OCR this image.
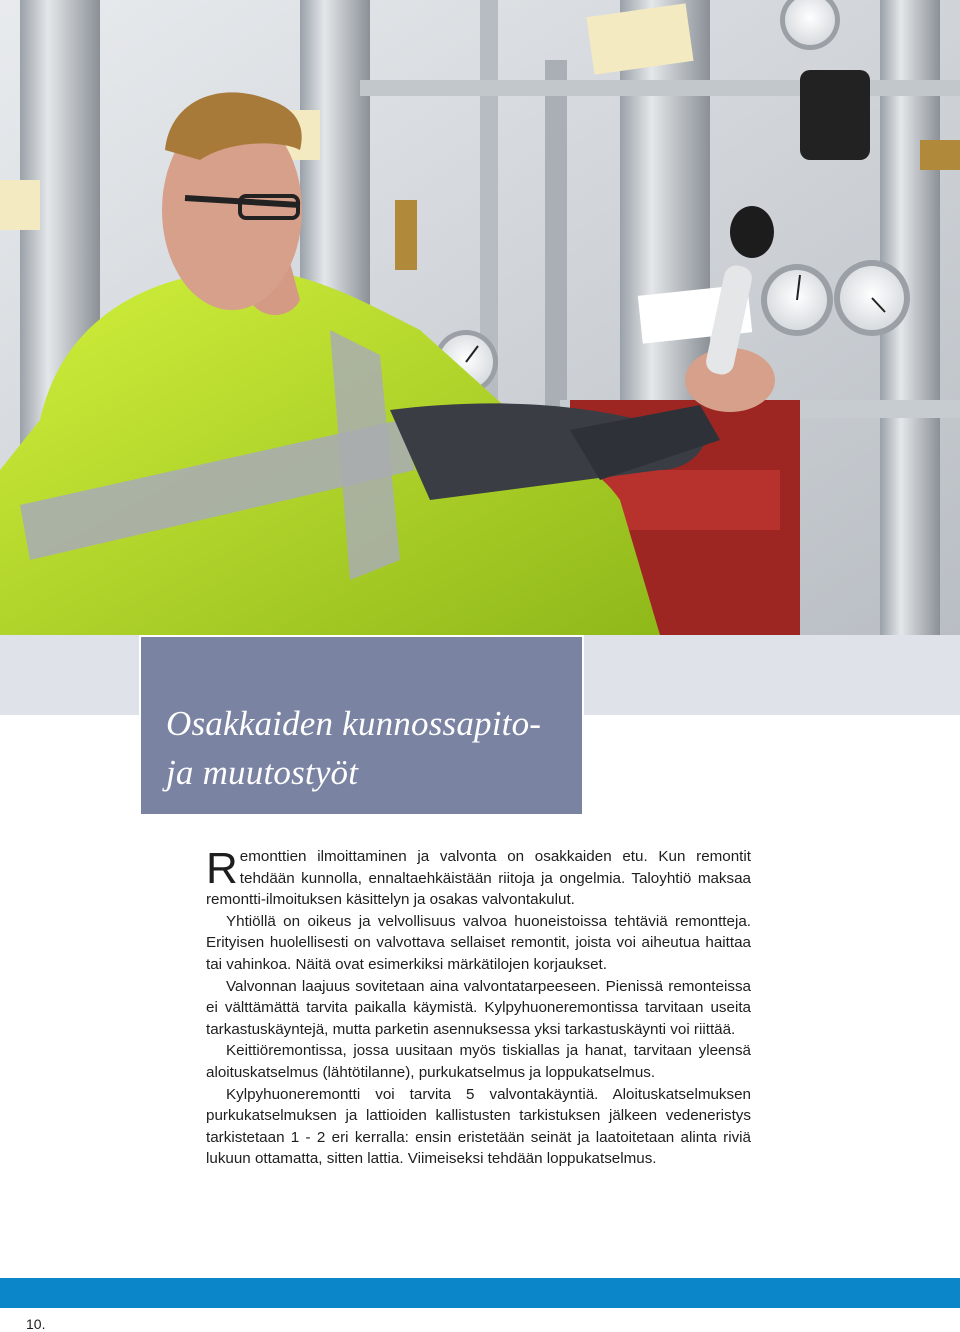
Osakkaiden kunnossapito-
ja muutostyöt

Remonttien ilmoittaminen ja valvonta on osakkaiden etu. Kun remontit tehdään kunnolla, ennaltaehkäistään riitoja ja ongelmia. Taloyhtiö maksaa remontti-ilmoituksen käsittelyn ja osakas valvontakulut.

Yhtiöllä on oikeus ja velvollisuus valvoa huoneistoissa tehtäviä remontteja. Erityisen huolellisesti on valvottava sellaiset remontit, joista voi aiheutua haittaa tai vahinkoa. Näitä ovat esimerkiksi märkätilojen korjaukset.

Valvonnan laajuus sovitetaan aina valvontatarpeeseen. Pienissä remonteissa ei välttämättä tarvita paikalla käymistä. Kylpyhuoneremontissa tarvitaan useita tarkastuskäyntejä, mutta parketin asennuksessa yksi tarkastuskäynti voi riittää.

Keittiöremontissa, jossa uusitaan myös tiskiallas ja hanat, tarvitaan yleensä aloituskatselmus (lähtötilanne), purkukatselmus ja loppukatselmus.

Kylpyhuoneremontti voi tarvita 5 valvontakäyntiä. Aloituskatselmuksen purkukatselmuksen ja lattioiden kallistusten tarkistuksen jälkeen vedeneristys tarkistetaan 1 - 2 eri kerralla: ensin eristetään seinät ja laatoitetaan alinta riviä lukuun ottamatta, sitten lattia. Viimeiseksi tehdään loppukatselmus.

10.
